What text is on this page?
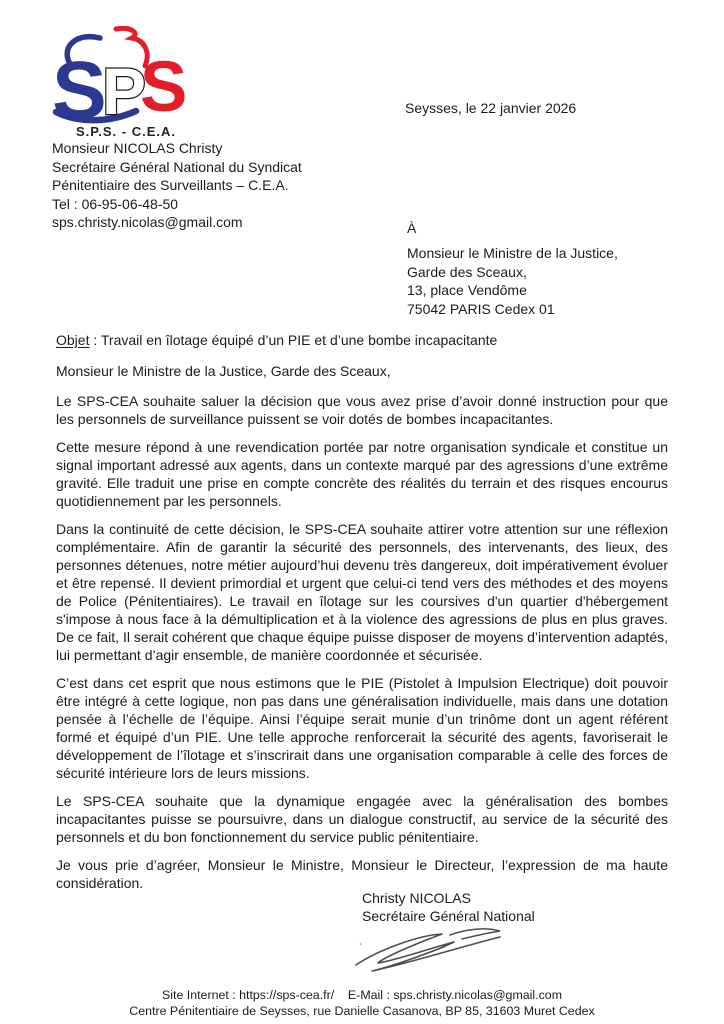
S
P
S
S.P.S. - C.E.A.
Monsieur NICOLAS Christy
Secrétaire Général National du Syndicat
Pénitentiaire des Surveillants – C.E.A.
Tel : 06-95-06-48-50
sps.christy.nicolas@gmail.com
Seysses, le 22 janvier 2026
À
Monsieur le Ministre de la Justice,
Garde des Sceaux,
13, place Vendôme
75042 PARIS Cedex 01
Objet : Travail en îlotage équipé d’un PIE et d’une bombe incapacitante

Monsieur le Ministre de la Justice, Garde des Sceaux,

Le SPS-CEA souhaite saluer la décision que vous avez prise d’avoir donné instruction pour que les personnels de surveillance puissent se voir dotés de bombes incapacitantes.

Cette mesure répond à une revendication portée par notre organisation syndicale et constitue un signal important adressé aux agents, dans un contexte marqué par des agressions d’une extrême gravité. Elle traduit une prise en compte concrète des réalités du terrain et des risques encourus quotidiennement par les personnels.

Dans la continuité de cette décision, le SPS-CEA souhaite attirer votre attention sur une réflexion complémentaire. Afin de garantir la sécurité des personnels, des intervenants, des lieux, des personnes détenues, notre métier aujourd’hui devenu très dangereux, doit impérativement évoluer et être repensé. Il devient primordial et urgent que celui-ci tend vers des méthodes et des moyens de Police (Pénitentiaires). Le travail en îlotage sur les coursives d'un quartier d'hébergement s'impose à nous face à la démultiplication et à la violence des agressions de plus en plus graves. De ce fait, Il serait cohérent que chaque équipe puisse disposer de moyens d’intervention adaptés, lui permettant d’agir ensemble, de manière coordonnée et sécurisée.

C’est dans cet esprit que nous estimons que le PIE (Pistolet à Impulsion Electrique) doit pouvoir être intégré à cette logique, non pas dans une généralisation individuelle, mais dans une dotation pensée à l’échelle de l’équipe. Ainsi l’équipe serait munie d’un trinôme dont un agent référent formé et équipé d’un PIE. Une telle approche renforcerait la sécurité des agents, favoriserait le développement de l’îlotage et s’inscrirait dans une organisation comparable à celle des forces de sécurité intérieure lors de leurs missions.

Le SPS-CEA souhaite que la dynamique engagée avec la généralisation des bombes incapacitantes puisse se poursuivre, dans un dialogue constructif, au service de la sécurité des personnels et du bon fonctionnement du service public pénitentiaire.

Je vous prie d’agréer, Monsieur le Ministre, Monsieur le Directeur, l’expression de ma haute considération.

Christy NICOLAS
Secrétaire Général National
Site Internet : https://sps-cea.fr/    E-Mail : sps.christy.nicolas@gmail.com
Centre Pénitentiaire de Seysses, rue Danielle Casanova, BP 85, 31603 Muret Cedex
